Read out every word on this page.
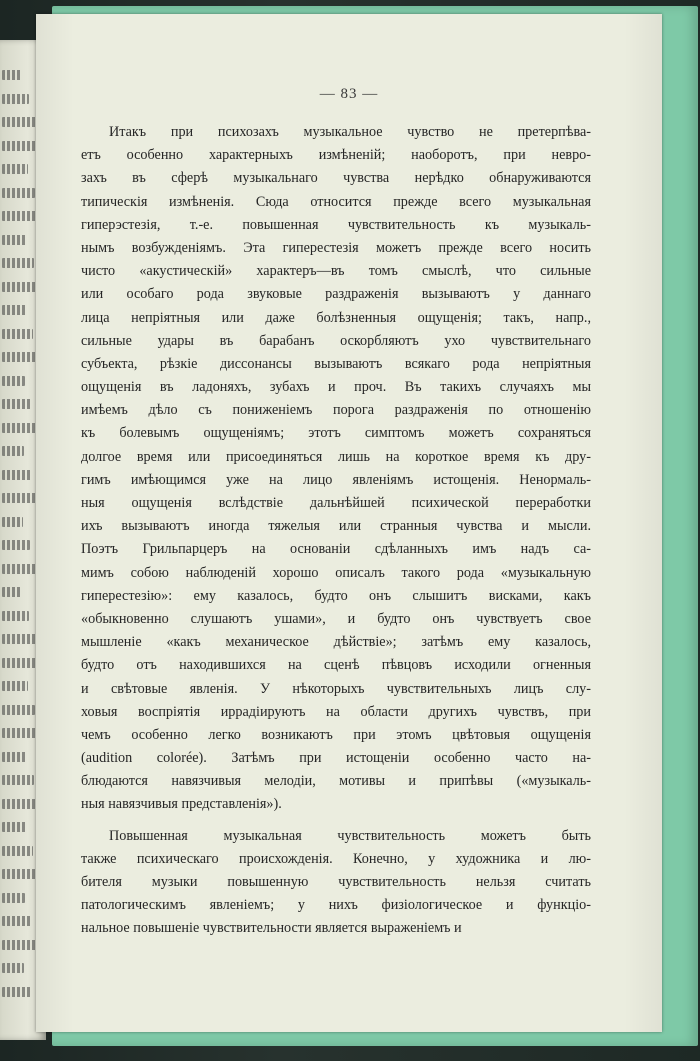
— 83 —
Итакъ при психозахъ музыкальное чувство не претерпѣва-
етъ особенно характерныхъ измѣненій; наоборотъ, при невро-
захъ въ сферѣ музыкальнаго чувства нерѣдко обнаруживаются
типическія измѣненія. Сюда относится прежде всего музыкальная
гиперэстезія, т.-е. повышенная чувствительность къ музыкаль-
нымъ возбужденіямъ. Эта гиперестезія можетъ прежде всего носить
чисто «акустическій» характеръ—въ томъ смыслѣ, что сильные
или особаго рода звуковые раздраженія вызываютъ у даннаго
лица непріятныя или даже болѣзненныя ощущенія; такъ, напр.,
сильные удары въ барабанъ оскорбляютъ ухо чувствительнаго
субъекта, рѣзкіе диссонансы вызываютъ всякаго рода непріятныя
ощущенія въ ладоняхъ, зубахъ и проч. Въ такихъ случаяхъ мы
имѣемъ дѣло съ пониженіемъ порога раздраженія по отношенію
къ болевымъ ощущеніямъ; этотъ симптомъ можетъ сохраняться
долгое время или присоединяться лишь на короткое время къ дру-
гимъ имѣющимся уже на лицо явленіямъ истощенія. Ненормаль-
ныя ощущенія вслѣдствіе дальнѣйшей психической переработки
ихъ вызываютъ иногда тяжелыя или странныя чувства и мысли.
Поэтъ Грильпарцеръ на основаніи сдѣланныхъ имъ надъ са-
мимъ собою наблюденій хорошо описалъ такого рода «музыкальную
гиперестезію»: ему казалось, будто онъ слышитъ висками, какъ
«обыкновенно слушаютъ ушами», и будто онъ чувствуетъ свое
мышленіе «какъ механическое дѣйствіе»; затѣмъ ему казалось,
будто отъ находившихся на сценѣ пѣвцовъ исходили огненныя
и свѣтовые явленія. У нѣкоторыхъ чувствительныхъ лицъ слу-
ховыя воспріятія иррадіируютъ на области другихъ чувствъ, при
чемъ особенно легко возникаютъ при этомъ цвѣтовыя ощущенія
(audition colorée). Затѣмъ при истощеніи особенно часто на-
блюдаются навязчивыя мелодіи, мотивы и припѣвы («музыкаль-
ныя навязчивыя представленія»).
Повышенная музыкальная чувствительность можетъ быть
также психическаго происхожденія. Конечно, у художника и лю-
бителя музыки повышенную чувствительность нельзя считать
патологическимъ явленіемъ; у нихъ физіологическое и функціо-
нальное повышеніе чувствительности является выраженіемъ и
